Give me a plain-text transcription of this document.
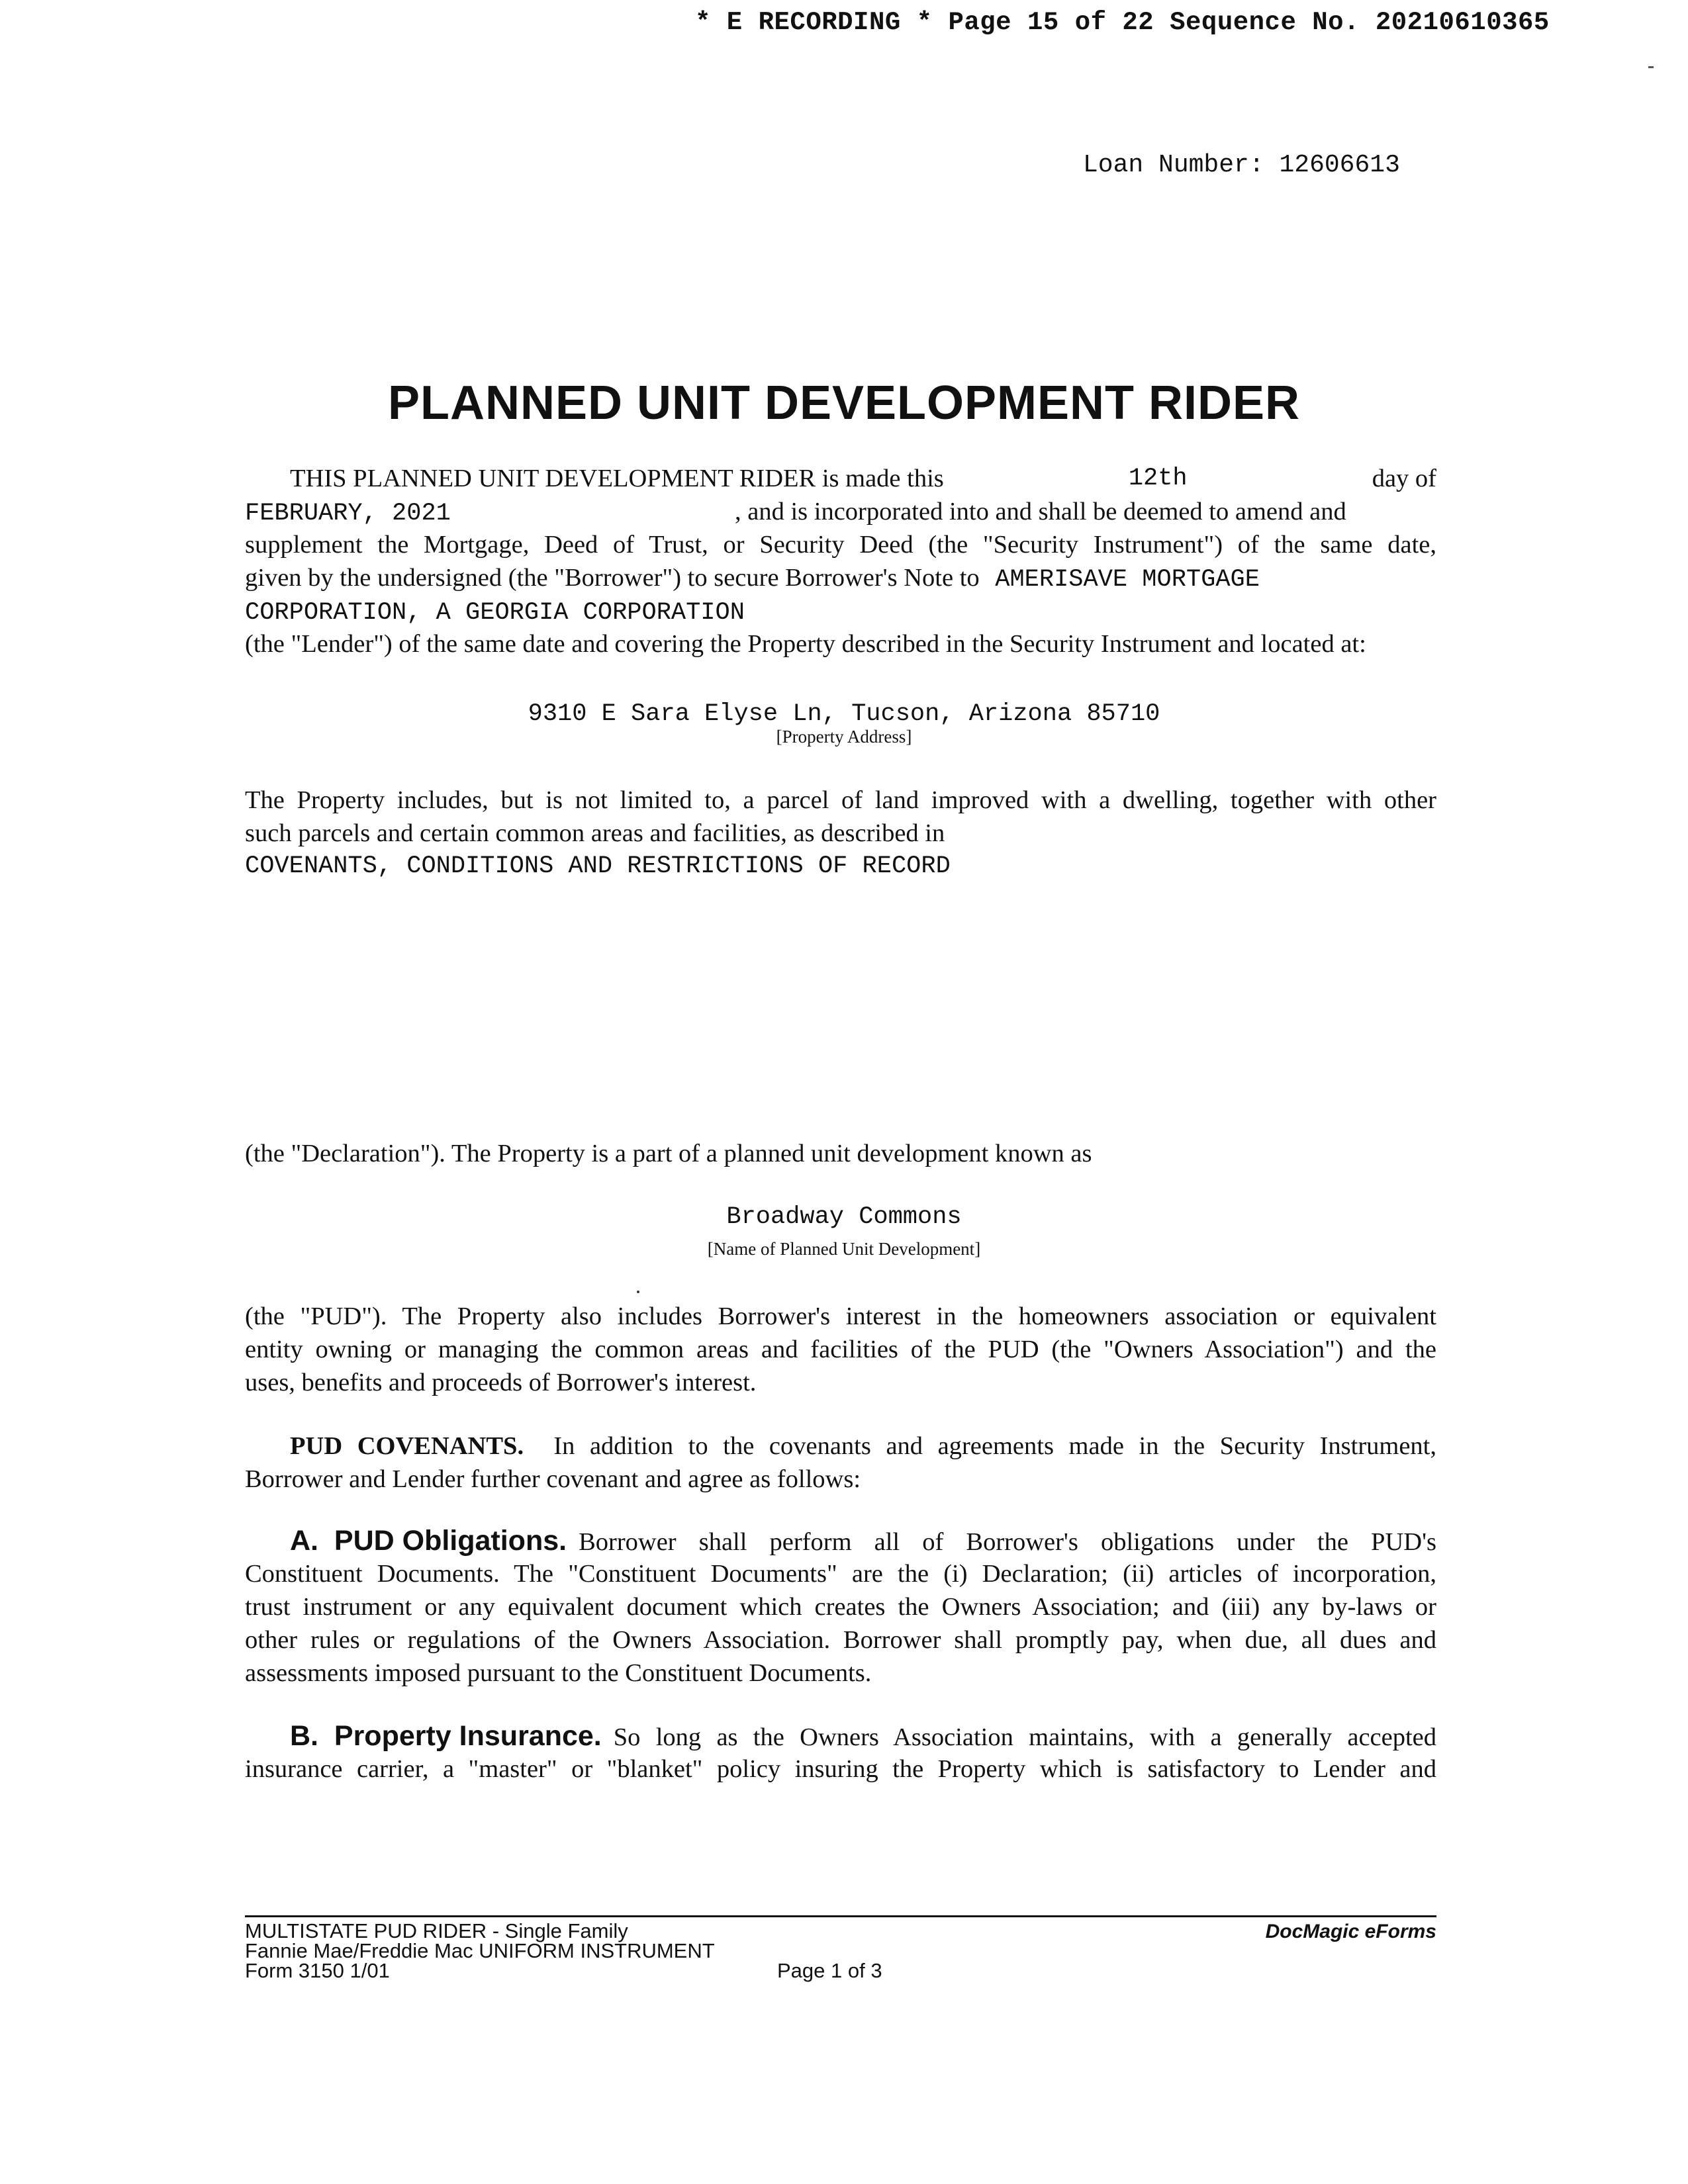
* E RECORDING * Page 15 of 22 Sequence No. 20210610365
Loan Number: 12606613
PLANNED UNIT DEVELOPMENT RIDER
THIS PLANNED UNIT DEVELOPMENT RIDER is made this	12th	day of
FEBRUARY, 2021	, and is incorporated into and shall be deemed to amend and
supplement the Mortgage, Deed of Trust, or Security Deed (the "Security Instrument") of the same date,
given by the undersigned (the "Borrower") to secure Borrower's Note to AMERISAVE MORTGAGE
CORPORATION, A GEORGIA CORPORATION
(the "Lender") of the same date and covering the Property described in the Security Instrument and located at:
9310 E Sara Elyse Ln, Tucson, Arizona 85710
[Property Address]
The Property includes, but is not limited to, a parcel of land improved with a dwelling, together with other
such parcels and certain common areas and facilities, as described in
COVENANTS, CONDITIONS AND RESTRICTIONS OF RECORD
(the "Declaration"). The Property is a part of a planned unit development known as
Broadway Commons
[Name of Planned Unit Development]
(the "PUD"). The Property also includes Borrower's interest in the homeowners association or equivalent
entity owning or managing the common areas and facilities of the PUD (the "Owners Association") and the
uses, benefits and proceeds of Borrower's interest.
PUD COVENANTS. In addition to the covenants and agreements made in the Security Instrument,
Borrower and Lender further covenant and agree as follows:
A.  PUD Obligations. Borrower shall perform all of Borrower's obligations under the PUD's
Constituent Documents. The "Constituent Documents" are the (i) Declaration; (ii) articles of incorporation,
trust instrument or any equivalent document which creates the Owners Association; and (iii) any by-laws or
other rules or regulations of the Owners Association. Borrower shall promptly pay, when due, all dues and
assessments imposed pursuant to the Constituent Documents.
B.  Property Insurance. So long as the Owners Association maintains, with a generally accepted
insurance carrier, a "master" or "blanket" policy insuring the Property which is satisfactory to Lender and
MULTISTATE PUD RIDER - Single Family
Fannie Mae/Freddie Mac UNIFORM INSTRUMENT
Form 3150 1/01	Page 1 of 3
DocMagic eForms
